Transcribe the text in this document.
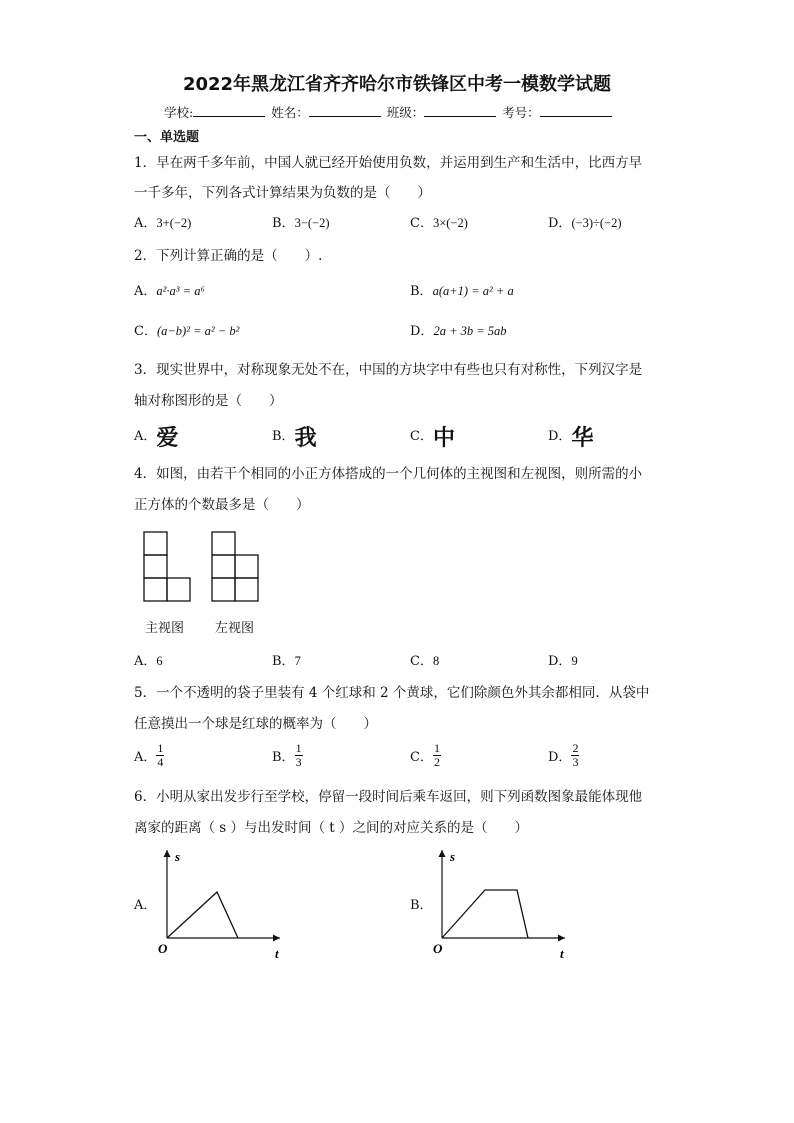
2022年黑龙江省齐齐哈尔市铁锋区中考一模数学试题
学校:	姓名：	班级：	考号：
一、单选题
1．早在两千多年前，中国人就已经开始使用负数，并运用到生产和生活中，比西方早
一千多年，下列各式计算结果为负数的是（　　）
A．3+(−2)	B．3−(−2)	C．3×(−2)	D．(−3)÷(−2)
2．下列计算正确的是（　　）.
A．a²·a³ = a⁶	B．a(a+1) = a² + a
C．(a−b)² = a² − b²	D．2a + 3b = 5ab
3．现实世界中，对称现象无处不在，中国的方块字中有些也只有对称性，下列汉字是
轴对称图形的是（　　）
A．爱	B．我	C．中	D．华
4．如图，由若干个相同的小正方体搭成的一个几何体的主视图和左视图，则所需的小
正方体的个数最多是（　　）
主视图 左视图
A．6	B．7	C．8	D．9
5．一个不透明的袋子里装有 4 个红球和 2 个黄球，它们除颜色外其余都相同．从袋中
任意摸出一个球是红球的概率为（　　）
A． $\frac{1}{4}$	B． $\frac{1}{3}$	C． $\frac{1}{2}$	D． $\frac{2}{3}$
6．小明从家出发步行至学校，停留一段时间后乘车返回，则下列函数图象最能体现他
离家的距离（ s ）与出发时间（ t ）之间的对应关系的是（　　）
A．
s
t
O
B．
s
t
O
